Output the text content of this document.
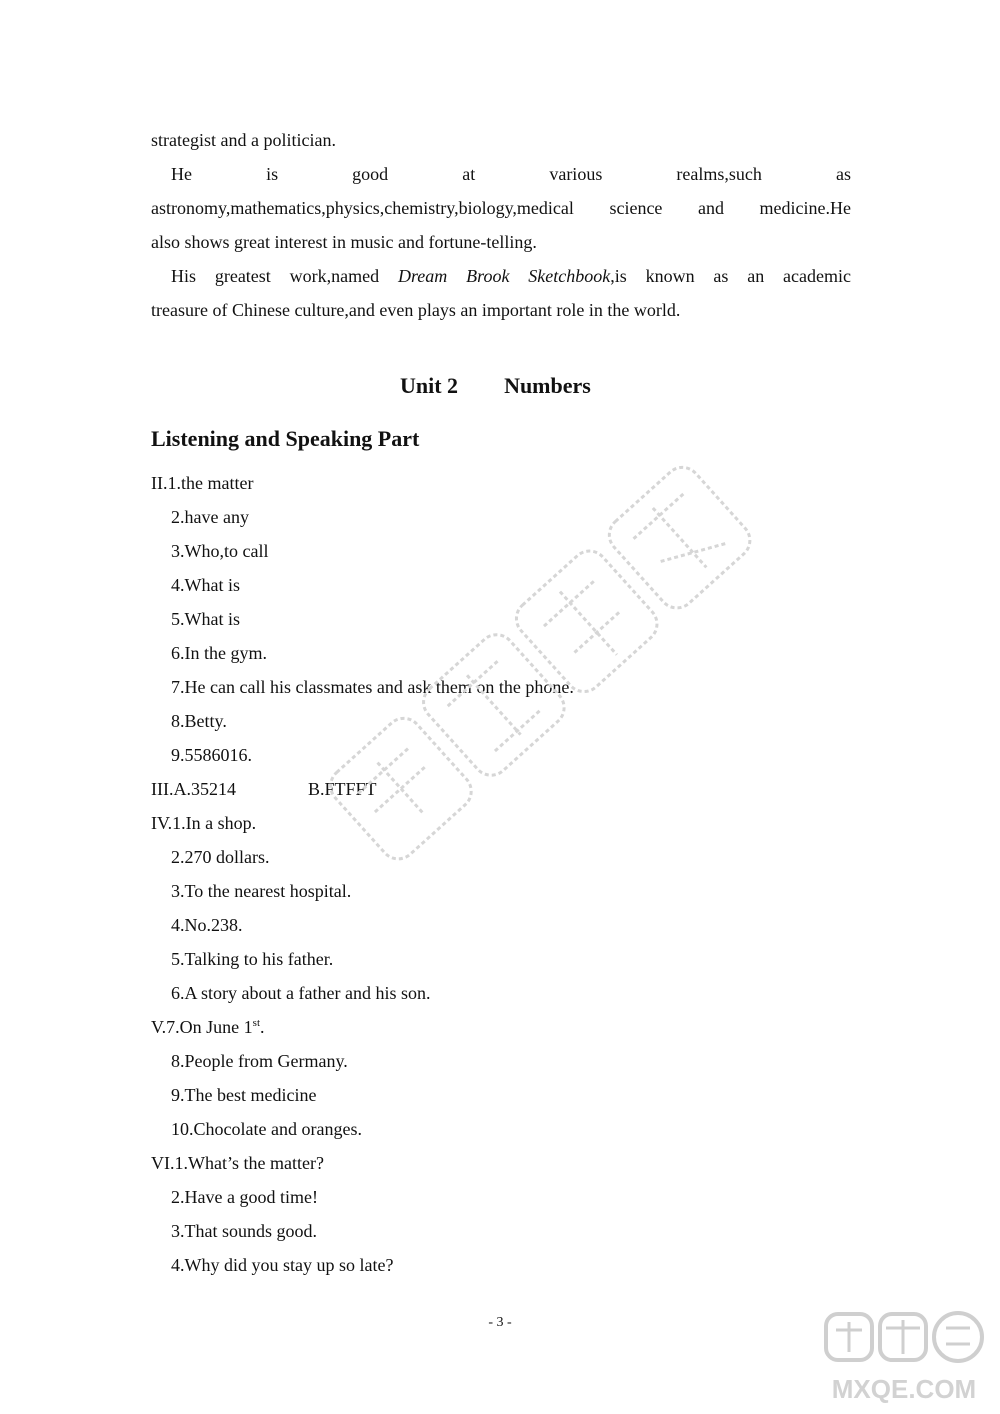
strategist and a politician.
He	is	good	at	various	realms,such	as
astronomy,mathematics,physics,chemistry,biology,medical science and medicine.He
also shows great interest in music and fortune-telling.
His greatest work,named Dream Brook Sketchbook,is known as an academic
treasure of Chinese culture,and even plays an important role in the world.
Unit 2 Numbers
Listening and Speaking Part
II.1.the matter
2.have any
3.Who,to call
4.What is
5.What is
6.In the gym.
7.He can call his classmates and ask them on the phone.
8.Betty.
9.5586016.
III.A.35214	B.FTFFT
IV.1.In a shop.
2.270 dollars.
3.To the nearest hospital.
4.No.238.
5.Talking to his father.
6.A story about a father and his son.
V.7.On June 1st.
8.People from Germany.
9.The best medicine
10.Chocolate and oranges.
VI.1.What’s the matter?
2.Have a good time!
3.That sounds good.
4.Why did you stay up so late?
- 3 -
MXQE.COM
